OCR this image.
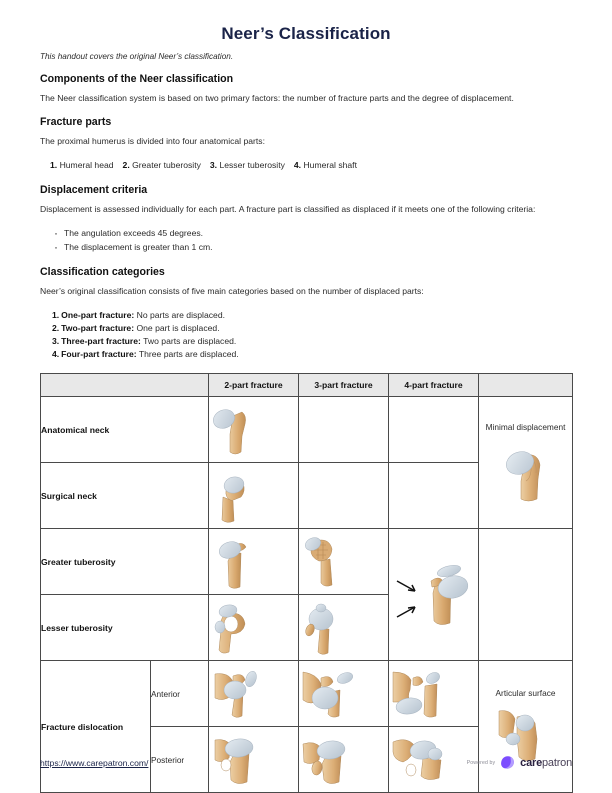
Neer’s Classification
This handout covers the original Neer’s classification.
Components of the Neer classification

The Neer classification system is based on two primary factors: the number of fracture parts and the degree of displacement.

Fracture parts

The proximal humerus is divided into four anatomical parts:

1. Humeral head 2. Greater tuberosity 3. Lesser tuberosity 4. Humeral shaft
Displacement criteria

Displacement is assessed individually for each part. A fracture part is classified as displaced if it meets one of the following criteria:

· The angulation exceeds 45 degrees.
· The displacement is greater than 1 cm.
Classification categories

Neer’s original classification consists of five main categories based on the number of displaced parts:

1. One-part fracture: No parts are displaced.
2. Two-part fracture: One part is displaced.
3. Three-part fracture: Two parts are displaced.
4. Four-part fracture: Three parts are displaced.
		2-part fracture	3-part fracture	4-part fracture	
Anatomical neck					Minimal displacement

Surgical neck	

Greater tuberosity	

Lesser tuberosity	

Fracture dislocation	Anterior				Articular surface

	Posterior	

https://www.carepatron.com/	Powered by carepatron
